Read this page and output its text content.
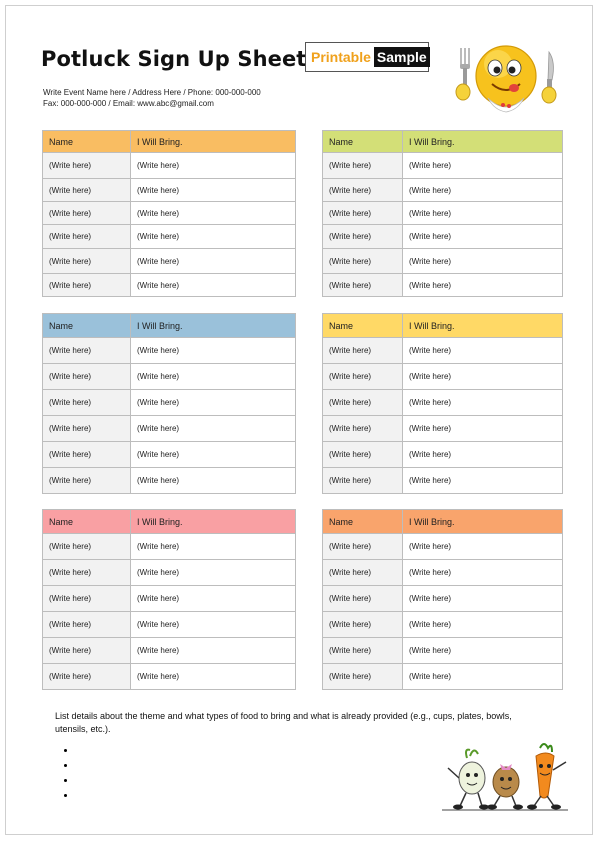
Potluck Sign Up Sheet
Write Event Name here / Address Here / Phone: 000-000-000
Fax: 000-000-000 / Email: www.abc@gmail.com
Printable Sample
Name	I Will Bring.
(Write here)	(Write here)
(Write here)	(Write here)
(Write here)	(Write here)
(Write here)	(Write here)
(Write here)	(Write here)
(Write here)	(Write here)
Name	I Will Bring.
(Write here)	(Write here)
(Write here)	(Write here)
(Write here)	(Write here)
(Write here)	(Write here)
(Write here)	(Write here)
(Write here)	(Write here)
Name	I Will Bring.
(Write here)	(Write here)
(Write here)	(Write here)
(Write here)	(Write here)
(Write here)	(Write here)
(Write here)	(Write here)
(Write here)	(Write here)
Name	I Will Bring.
(Write here)	(Write here)
(Write here)	(Write here)
(Write here)	(Write here)
(Write here)	(Write here)
(Write here)	(Write here)
(Write here)	(Write here)
Name	I Will Bring.
(Write here)	(Write here)
(Write here)	(Write here)
(Write here)	(Write here)
(Write here)	(Write here)
(Write here)	(Write here)
(Write here)	(Write here)
Name	I Will Bring.
(Write here)	(Write here)
(Write here)	(Write here)
(Write here)	(Write here)
(Write here)	(Write here)
(Write here)	(Write here)
(Write here)	(Write here)
List details about the theme and what types of food to bring and what is already provided (e.g., cups, plates, bowls, utensils, etc.).
